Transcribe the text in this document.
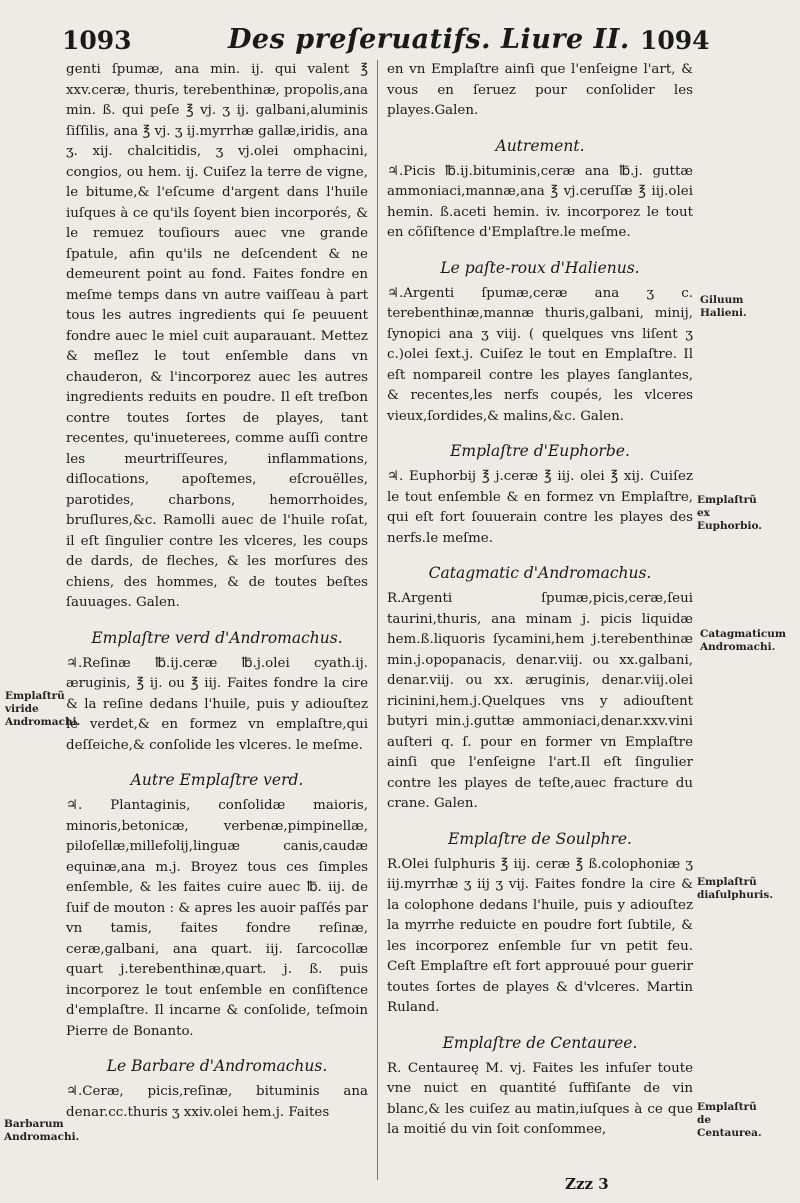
1093	Des preſeruatifs. Liure II. 1094

genti ſpumæ, ana min. ij. qui valent ℥ xxv.ceræ, thuris, terebenthinæ, propolis,ana min. ß. qui peſe ℥ vj. ʒ ij. galbani,aluminis ſiſſilis, ana ℥ vj. ʒ ij.myrrhæ gallæ,iridis, ana ʒ. xij. chalcitidis, ʒ vj.olei omphacini, congios, ou hem. ij. Cuiſez la terre de vigne, le bitume,& l'eſcume d'argent dans l'huile iuſques à ce qu'ils ſoyent bien incorporés, & le remuez touſiours auec vne grande ſpatule, afin qu'ils ne deſcendent & ne demeurent point au fond. Faites fondre en meſme temps dans vn autre vaiſſeau à part tous les autres ingredients qui ſe peuuent fondre auec le miel cuit auparauant. Mettez & meſlez le tout enſemble dans vn chauderon, & l'incorporez auec les autres ingredients reduits en poudre. Il eſt treſbon contre toutes ſortes de playes, tant recentes, qu'inueterees, comme auſſi contre les meurtriſſeures, inflammations, diſlocations, apoſtemes, eſcrouëlles, parotides, charbons, hemorrhoides, bruſlures,&c. Ramolli auec de l'huile roſat, il eſt ſingulier contre les vlceres, les coups de dards, de fleches, & les morſures des chiens, des hommes, & de toutes beſtes ſauuages. Galen.

Emplaſtre verd d'Andromachus.

♃.Reſinæ ℔.ij.ceræ ℔.j.olei cyath.ij. æruginis, ℥ ij. ou ℥ iij. Faites fondre la cire & la reſine dedans l'huile, puis y adiouſtez le verdet,& en formez vn emplaſtre,qui deſſeiche,& conſolide les vlceres. le meſme.

Autre Emplaſtre verd.

♃. Plantaginis, conſolidæ maioris, minoris,betonicæ, verbenæ,pimpinellæ, piloſellæ,millefolij,linguæ canis,caudæ equinæ,ana m.j. Broyez tous ces ſimples enſemble, & les faites cuire auec ℔. iij. de ſuif de mouton : & apres les auoir paſſés par vn tamis, faites fondre reſinæ, ceræ,galbani, ana quart. iij. ſarcocollæ quart j.terebenthinæ,quart. j. ß. puis incorporez le tout enſemble en conſiſtence d'emplaſtre. Il incarne & conſolide, teſmoin Pierre de Bonanto.

Le Barbare d'Andromachus.

♃.Ceræ, picis,reſinæ, bituminis ana denar.cc.thuris ʒ xxiv.olei hem.j. Faites

en vn Emplaſtre ainſi que l'enſeigne l'art, & vous en ſeruez pour conſolider les playes.Galen.

Autrement.

♃.Picis ℔.ij.bituminis,ceræ ana ℔.j. guttæ ammoniaci,mannæ,ana ℥ vj.ceruſſæ ℥ iij.olei hemin. ß.aceti hemin. iv. incorporez le tout en cõſiſtence d'Emplaſtre.le meſme.

Le paſte-roux d'Halienus.

♃.Argenti ſpumæ,ceræ ana ʒ c. terebenthinæ,mannæ thuris,galbani, minij, ſynopici ana ʒ viij. ( quelques vns liſent ʒ c.)olei ſext.j. Cuiſez le tout en Emplaſtre. Il eſt nompareil contre les playes ſanglantes, & recentes,les nerfs coupés, les vlceres vieux,ſordides,& malins,&c. Galen.

Emplaſtre d'Euphorbe.

♃. Euphorbij ℥ j.ceræ ℥ iij. olei ℥ xij. Cuiſez le tout enſemble & en formez vn Emplaſtre, qui eſt fort ſouuerain contre les playes des nerfs.le meſme.

Catagmatic d'Andromachus.

R.Argenti ſpumæ,picis,ceræ,ſeui taurini,thuris, ana minam j. picis liquidæ hem.ß.liquoris ſycamini,hem j.terebenthinæ min.j.opopanacis, denar.viij. ou xx.galbani, denar.viij. ou xx. æruginis, denar.viij.olei ricinini,hem.j.Quelques vns y adiouſtent butyri min.j.guttæ ammoniaci,denar.xxv.vini auſteri q. ſ. pour en former vn Emplaſtre ainſi que l'enſeigne l'art.Il eſt ſingulier contre les playes de teſte,auec fracture du crane. Galen.

Emplaſtre de Soulphre.

R.Olei ſulphuris ℥ iij. ceræ ℥ ß.colophoniæ ʒ iij.myrrhæ ʒ iij ʒ vij. Faites fondre la cire & la colophone dedans l'huile, puis y adiouſtez la myrrhe reduicte en poudre fort ſubtile, & les incorporez enſemble ſur vn petit feu. Ceſt Emplaſtre eſt fort approuué pour guerir toutes ſortes de playes & d'vlceres. Martin Ruland.

Emplaſtre de Centauree.

R. Centaureę M. vj. Faites les infuſer toute vne nuict en quantité ſuffiſante de vin blanc,& les cuiſez au matin,iuſques à ce que la moitié du vin ſoit conſommee,

Giluum Halieni.
Emplaſtrũ ex Euphorbio.
Catagmaticum Andromachi.
Emplaſtrũ viride Andromachi.
Emplaſtrũ diaſulphuris.
Emplaſtrũ de Centaurea.
Barbarum Andromachi.
Zzz 3
